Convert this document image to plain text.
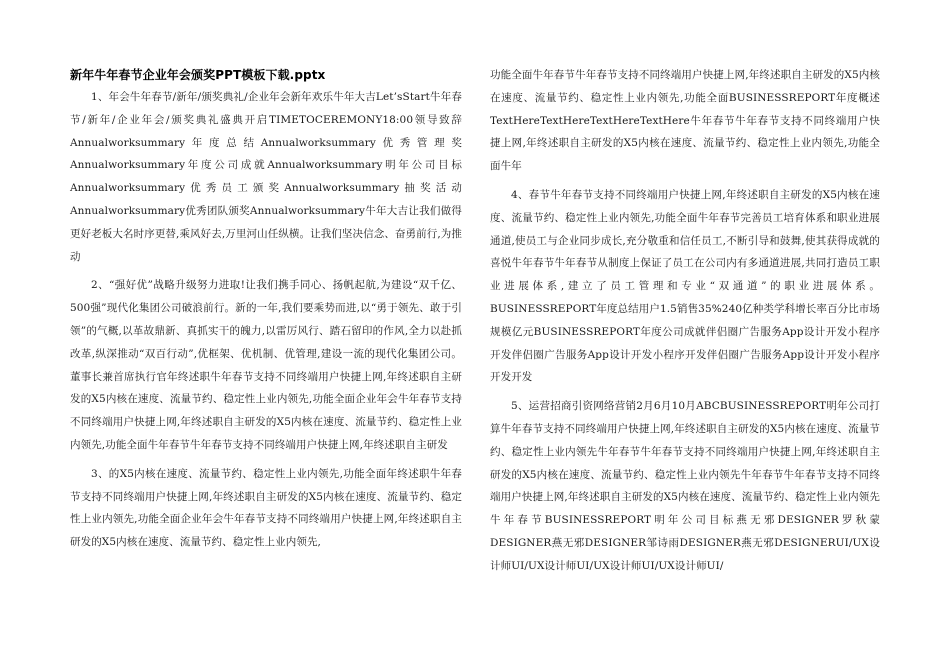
新年牛年春节企业年会颁奖PPT模板下载.pptx

1、年会牛年春节/新年/颁奖典礼/企业年会新年欢乐牛年大吉Let’sStart牛年春节/新年/企业年会/颁奖典礼盛典开启TIMETOCEREMONY18:00领导致辞Annualworksummary年度总结Annualworksummary优秀管理奖Annualworksummary年度公司成就Annualworksummary明年公司目标Annualworksummary优秀员工颁奖Annualworksummary抽奖活动Annualworksummary优秀团队颁奖Annualworksummary牛年大吉让我们做得更好老板大名时序更替,乘风好去,万里河山任纵横。让我们坚决信念、奋勇前行,为推动

2、“强好优”战略升级努力进取!让我们携手同心、扬帆起航,为建设“双千亿、500强”现代化集团公司破浪前行。新的一年,我们要乘势而进,以“勇于领先、敢于引领”的气概,以革故鼎新、真抓实干的魄力,以雷厉风行、踏石留印的作风,全力以赴抓改革,纵深推动“双百行动”,优框架、优机制、优管理,建设一流的现代化集团公司。董事长兼首席执行官年终述职牛年春节支持不同终端用户快捷上网,年终述职自主研发的X5内核在速度、流量节约、稳定性上业内领先,功能全面企业年会牛年春节支持不同终端用户快捷上网,年终述职自主研发的X5内核在速度、流量节约、稳定性上业内领先,功能全面牛年春节牛年春节支持不同终端用户快捷上网,年终述职自主研发

3、的X5内核在速度、流量节约、稳定性上业内领先,功能全面年终述职牛年春节支持不同终端用户快捷上网,年终述职自主研发的X5内核在速度、流量节约、稳定性上业内领先,功能全面企业年会牛年春节支持不同终端用户快捷上网,年终述职自主研发的X5内核在速度、流量节约、稳定性上业内领先,

功能全面牛年春节牛年春节支持不同终端用户快捷上网,年终述职自主研发的X5内核在速度、流量节约、稳定性上业内领先,功能全面BUSINESSREPORT年度概述TextHereTextHereTextHereTextHere牛年春节牛年春节支持不同终端用户快捷上网,年终述职自主研发的X5内核在速度、流量节约、稳定性上业内领先,功能全面牛年

4、春节牛年春节支持不同终端用户快捷上网,年终述职自主研发的X5内核在速度、流量节约、稳定性上业内领先,功能全面牛年春节完善员工培育体系和职业进展通道,使员工与企业同步成长,充分敬重和信任员工,不断引导和鼓舞,使其获得成就的喜悦牛年春节牛年春节从制度上保证了员工在公司内有多通道进展,共同打造员工职业进展体系,建立了员工管理和专业“双通道”的职业进展体系。BUSINESSREPORT年度总结用户1.5销售35%240亿种类学科增长率百分比市场规模亿元BUSINESSREPORT年度公司成就伴侣圈广告服务App设计开发小程序开发伴侣圈广告服务App设计开发小程序开发伴侣圈广告服务App设计开发小程序开发开发

5、运营招商引资网络营销2月6月10月ABCBUSINESSREPORT明年公司打算牛年春节支持不同终端用户快捷上网,年终述职自主研发的X5内核在速度、流量节约、稳定性上业内领先牛年春节牛年春节支持不同终端用户快捷上网,年终述职自主研发的X5内核在速度、流量节约、稳定性上业内领先牛年春节牛年春节支持不同终端用户快捷上网,年终述职自主研发的X5内核在速度、流量节约、稳定性上业内领先牛年春节BUSINESSREPORT明年公司目标燕无邪DESIGNER罗秋蒙DESIGNER燕无邪DESIGNER邹诗雨DESIGNER燕无邪DESIGNERUI/UX设计师UI/UX设计师UI/UX设计师UI/UX设计师UI/
